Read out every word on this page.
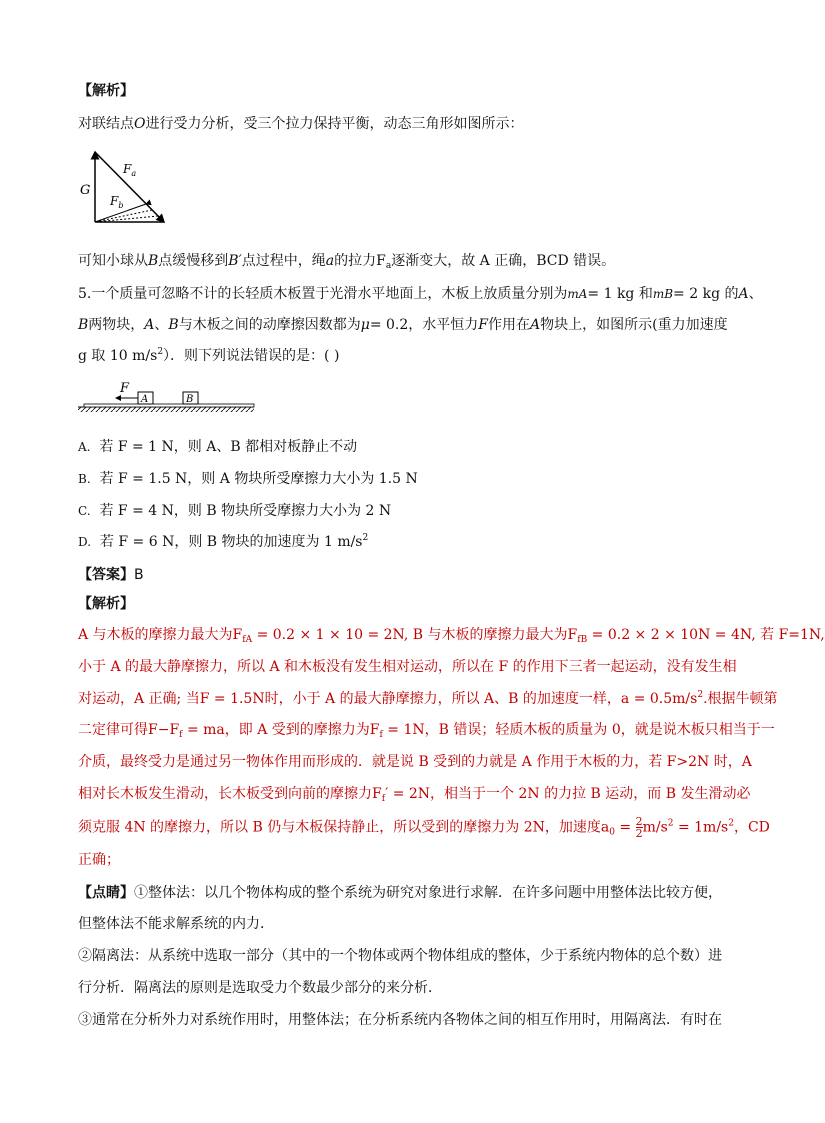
【解析】
对联结点O进行受力分析，受三个拉力保持平衡，动态三角形如图所示：
G
$F_a$
$F_b$
可知小球从B点缓慢移到B′点过程中，绳a的拉力$F_a$逐渐变大，故 A 正确，BCD 错误。
5.一个质量可忽略不计的长轻质木板置于光滑水平地面上，木板上放质量分别为mA= 1 kg 和mB= 2 kg 的A、
B两物块，A、B与木板之间的动摩擦因数都为μ= 0.2，水平恒力F作用在A物块上，如图所示(重力加速度
g 取 10 $m/s^2$）．则下列说法错误的是：( )
F
A	B
A. 若 F = 1 N，则 A、B 都相对板静止不动
B. 若 F = 1.5 N，则 A 物块所受摩擦力大小为 1.5 N
C. 若 F = 4 N，则 B 物块所受摩擦力大小为 2 N
D. 若 F = 6 N，则 B 物块的加速度为 1 $m/s^2$
【答案】B
【解析】
A 与木板的摩擦力最大为$F_{fA} = 0.2 \times 1 \times 10 = 2N$, B 与木板的摩擦力最大为$F_{fB} = 0.2 \times 2 \times 10N = 4N$, 若 F=1N,
小于 A 的最大静摩擦力，所以 A 和木板没有发生相对运动，所以在 F 的作用下三者一起运动，没有发生相
对运动，A 正确; 当F = 1.5N时，小于 A 的最大静摩擦力，所以 A、B 的加速度一样，$a = 0.5m/s^2$.根据牛顿第
二定律可得$F-F_f$ = ma，即 A 受到的摩擦力为$F_f = 1N$，B 错误；轻质木板的质量为 0，就是说木板只相当于一
介质，最终受力是通过另一物体作用而形成的．就是说 B 受到的力就是 A 作用于木板的力，若 F>2N 时，A
相对长木板发生滑动，长木板受到向前的摩擦力$F_f' = 2N$，相当于一个 2N 的力拉 B 运动，而 B 发生滑动必
须克服 4N 的摩擦力，所以 B 仍与木板保持静止，所以受到的摩擦力为 2N，加速度$a_0 = \frac{2}{2} m/s^2 = 1m/s^2$，CD
正确；
【点睛】①整体法：以几个物体构成的整个系统为研究对象进行求解．在许多问题中用整体法比较方便，
但整体法不能求解系统的内力．
②隔离法：从系统中选取一部分（其中的一个物体或两个物体组成的整体，少于系统内物体的总个数）进
行分析．隔离法的原则是选取受力个数最少部分的来分析．
③通常在分析外力对系统作用时，用整体法；在分析系统内各物体之间的相互作用时，用隔离法．有时在
